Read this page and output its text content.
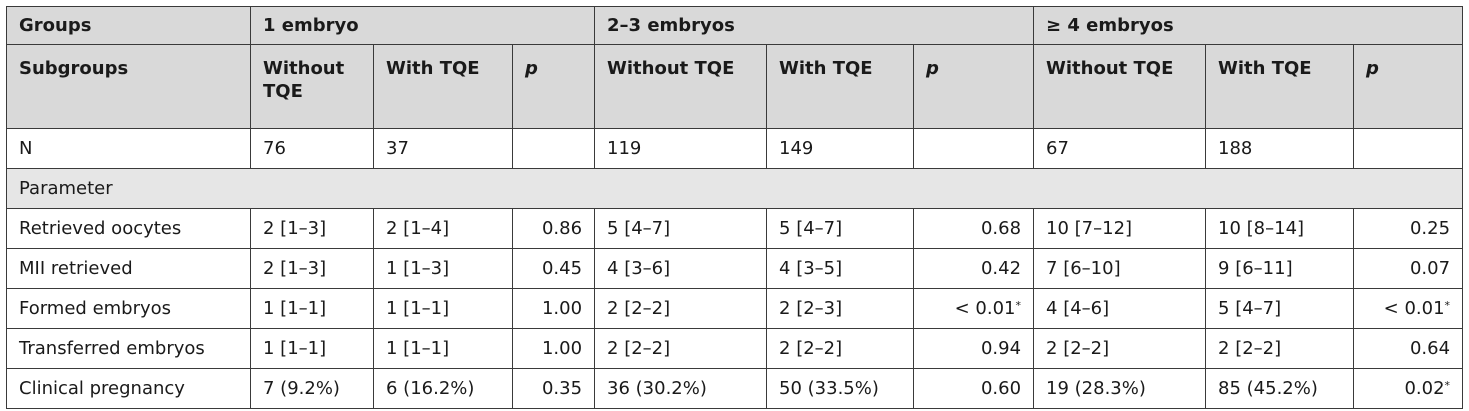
Groups	1 embryo			2–3 embryos			≥ 4 embryos		
Subgroups	Without TQE	With TQE	p	Without TQE	With TQE	p	Without TQE	With TQE	p
N	76	37		119	149		67	188	
Parameter									
Retrieved oocytes	2 [1–3]	2 [1–4]	0.86	5 [4–7]	5 [4–7]	0.68	10 [7–12]	10 [8–14]	0.25
MII retrieved	2 [1–3]	1 [1–3]	0.45	4 [3–6]	4 [3–5]	0.42	7 [6–10]	9 [6–11]	0.07
Formed embryos	1 [1–1]	1 [1–1]	1.00	2 [2–2]	2 [2–3]	< 0.01*	4 [4–6]	5 [4–7]	< 0.01*
Transferred embryos	1 [1–1]	1 [1–1]	1.00	2 [2–2]	2 [2–2]	0.94	2 [2–2]	2 [2–2]	0.64
Clinical pregnancy	7 (9.2%)	6 (16.2%)	0.35	36 (30.2%)	50 (33.5%)	0.60	19 (28.3%)	85 (45.2%)	0.02*
